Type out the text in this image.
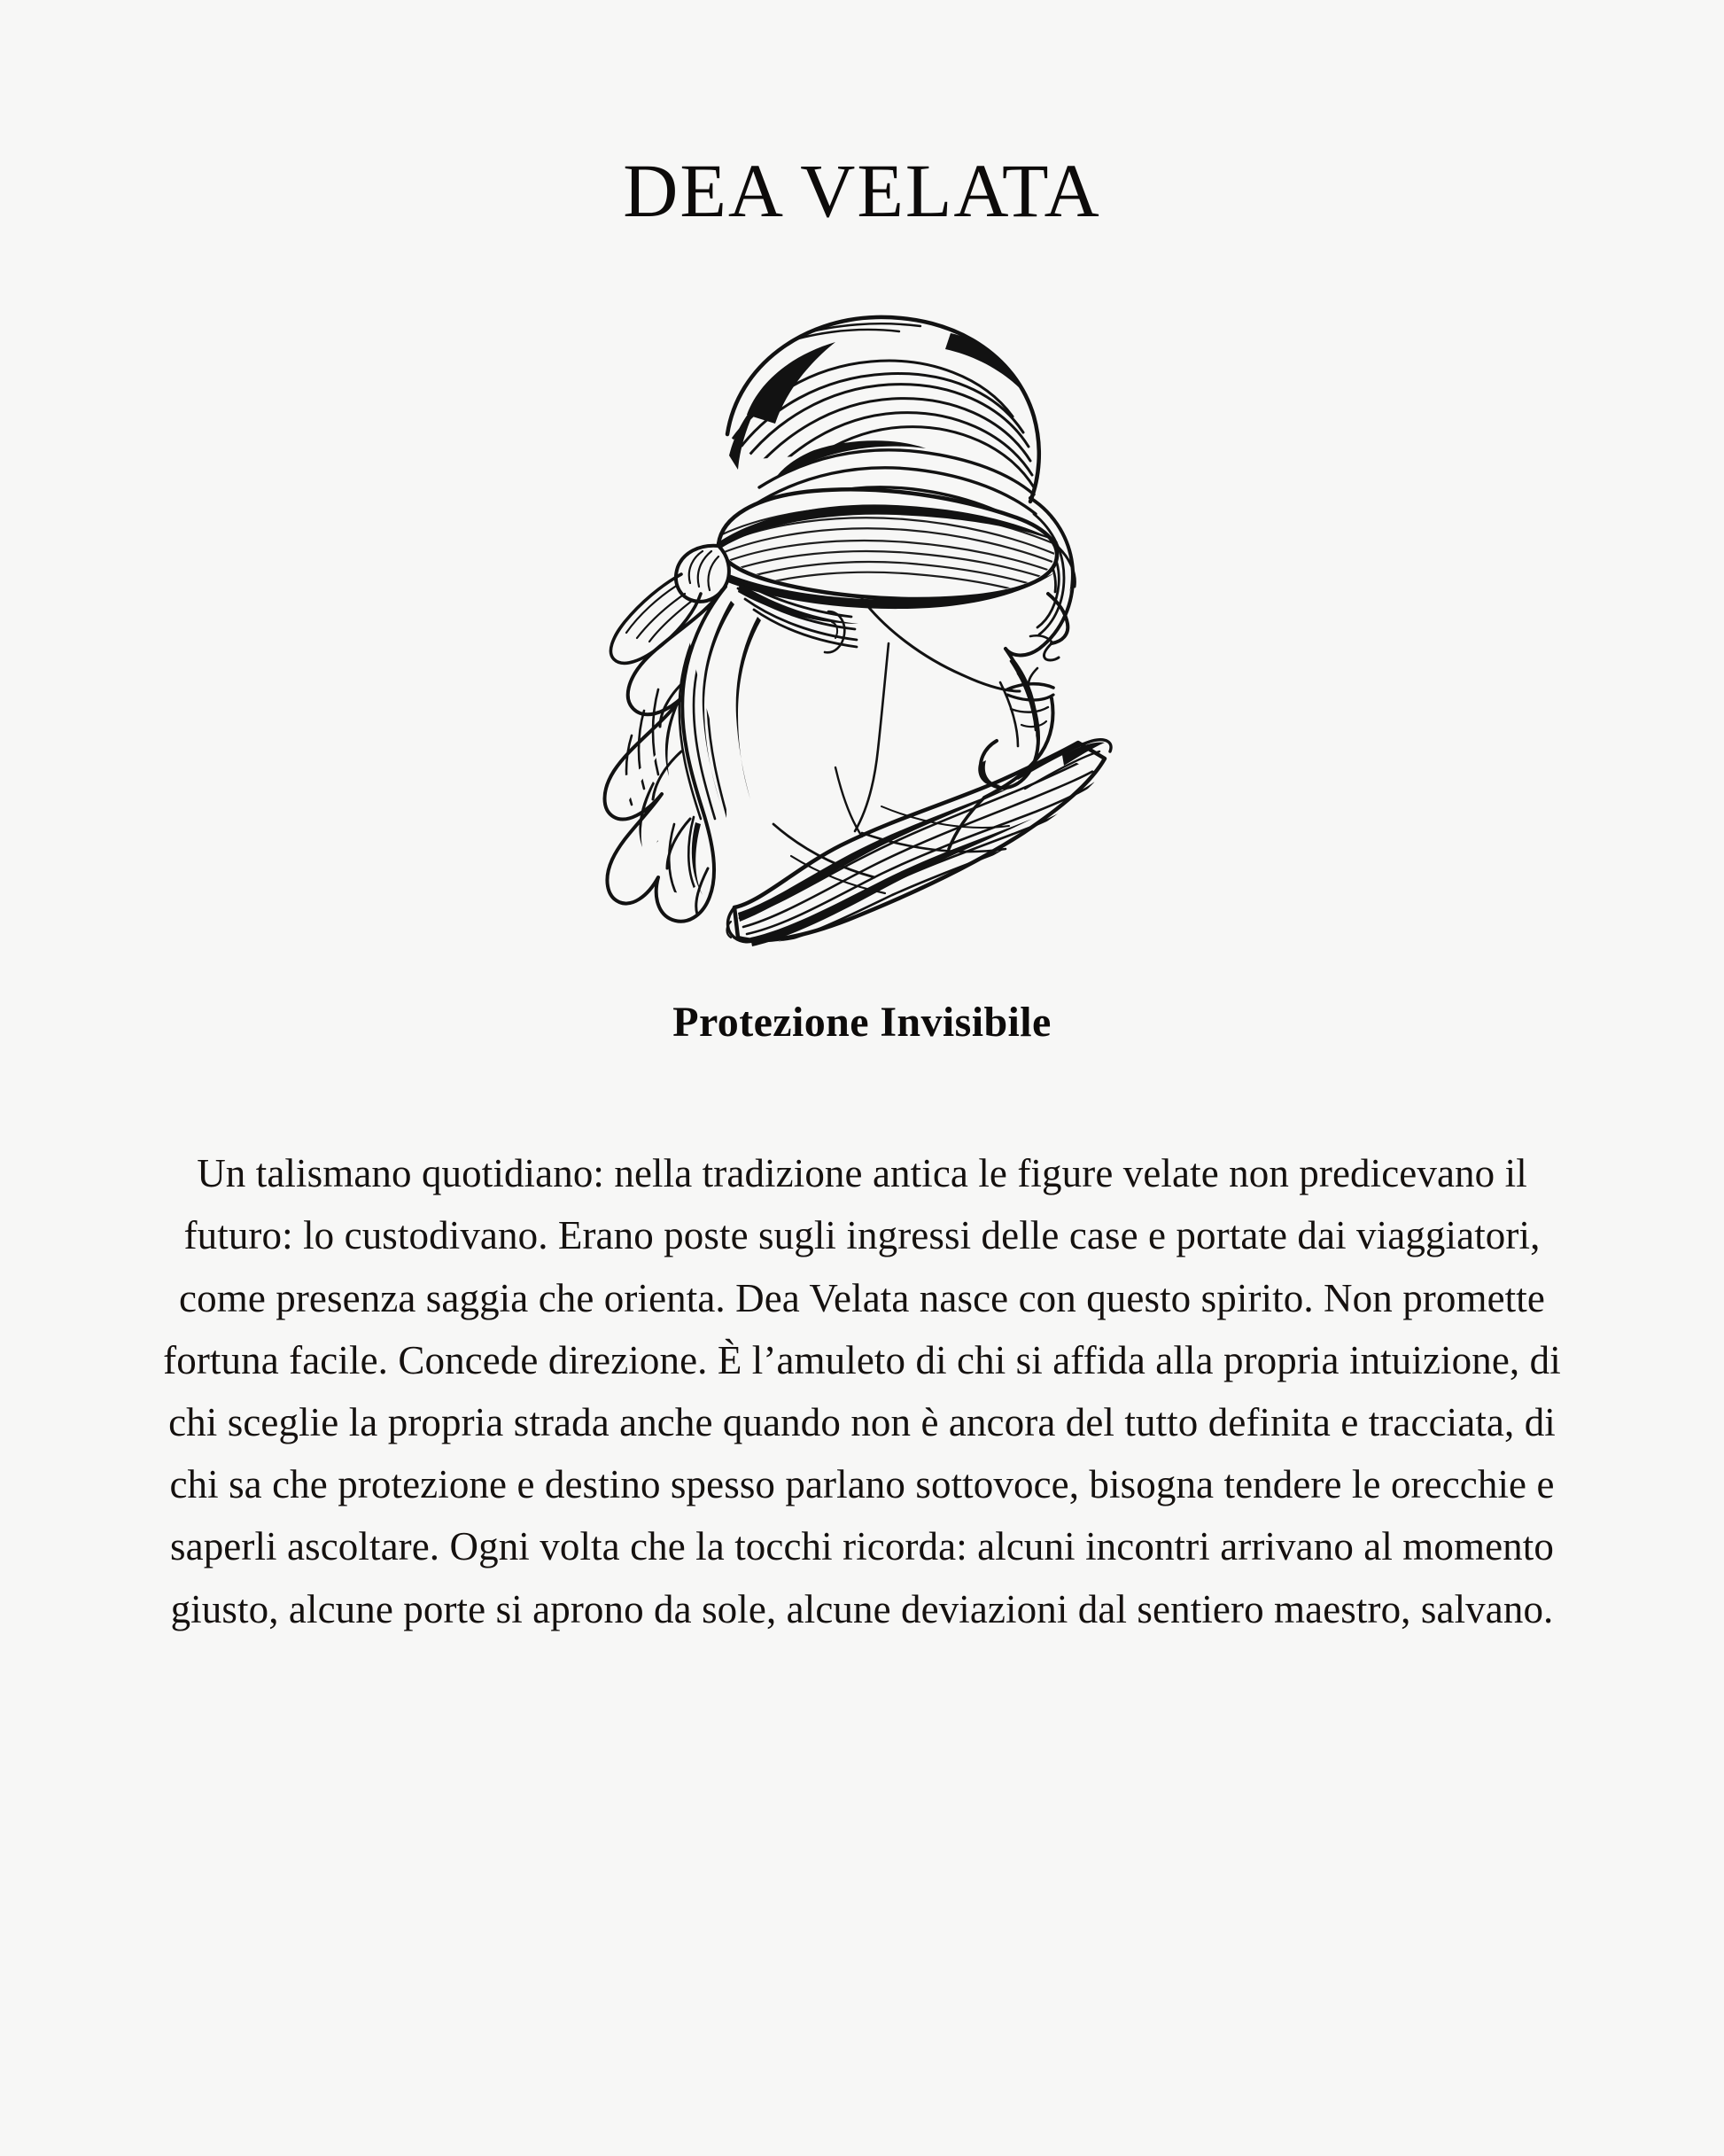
DEA VELATA
Protezione Invisibile

Un talismano quotidiano: nella tradizione antica le figure velate non predicevano il futuro: lo custodivano. Erano poste sugli ingressi delle case e portate dai viaggiatori, come presenza saggia che orienta. Dea Velata nasce con questo spirito. Non promette fortuna facile. Concede direzione. È l’amuleto di chi si affida alla propria intuizione, di chi sceglie la propria strada anche quando non è ancora del tutto definita e tracciata, di chi sa che protezione e destino spesso parlano sottovoce, bisogna tendere le orecchie e saperli ascoltare. Ogni volta che la tocchi ricorda: alcuni incontri arrivano al momento giusto, alcune porte si aprono da sole, alcune deviazioni dal sentiero maestro, salvano.
